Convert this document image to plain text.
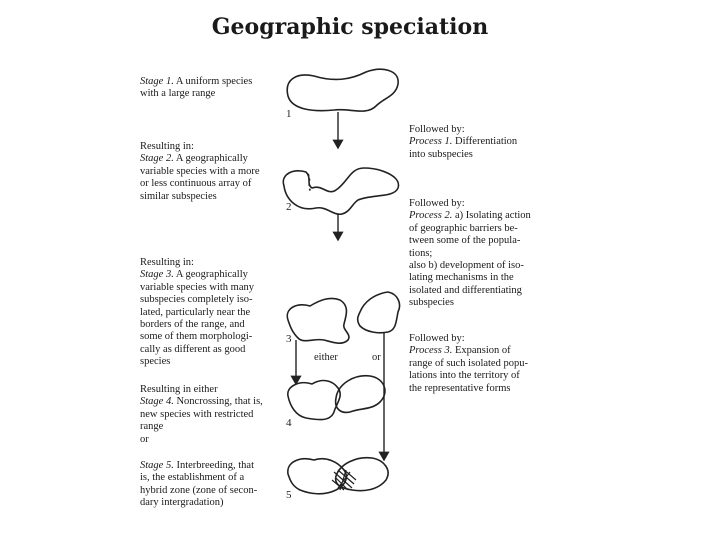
Geographic speciation

Stage 1. A uniform species

with a large range

Resulting in:

Stage 2. A geographically

variable species with a more

or less continuous array of

similar subspecies

Resulting in:

Stage 3. A geographically

variable species with many

subspecies completely iso-

lated, particularly near the

borders of the range, and

some of them morphologi-

cally as different as good

species

Resulting in either

Stage 4. Noncrossing, that is,

new species with restricted

range

or

Stage 5. Interbreeding, that

is, the establishment of a

hybrid zone (zone of secon-

dary intergradation)

Followed by:

Process 1. Differentiation

into subspecies

Followed by:

Process 2. a) Isolating action

of geographic barriers be-

tween some of the popula-

tions;

also b) development of iso-

lating mechanisms in the

isolated and differentiating

subspecies

Followed by:

Process 3. Expansion of

range of such isolated popu-

lations into the territory of

the representative forms

1
2
3
4
5
either	or
